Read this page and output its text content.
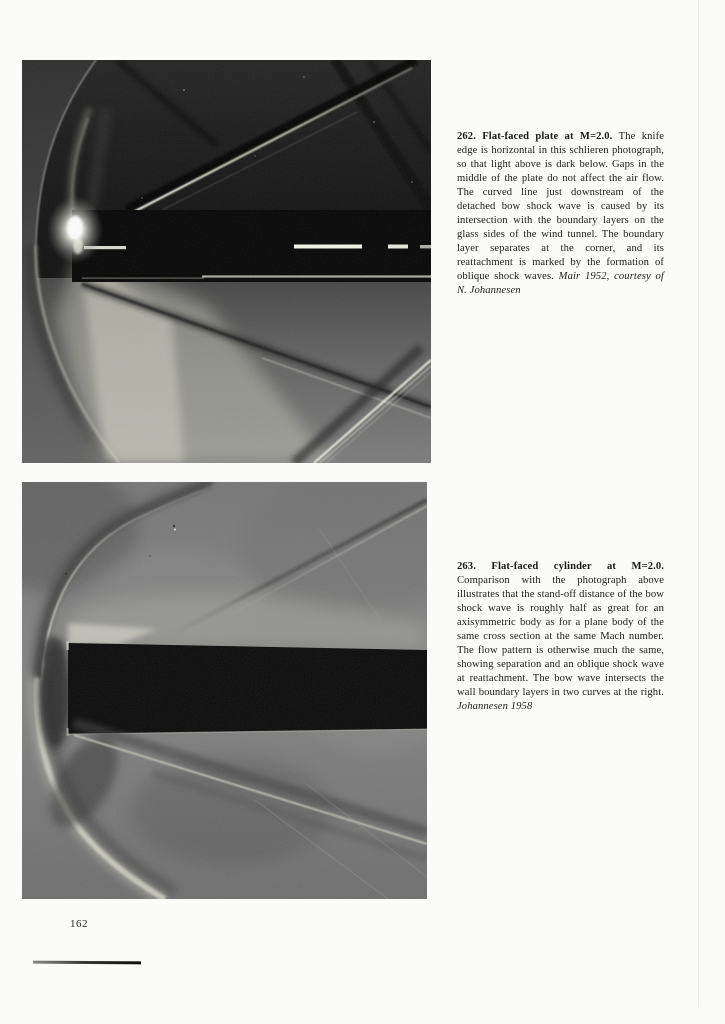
262. Flat-faced plate at M=2.0. The knife edge is horizontal in this schlieren photograph, so that light above is dark below. Gaps in the middle of the plate do not affect the air flow. The curved line just downstream of the detached bow shock wave is caused by its intersection with the boundary layers on the glass sides of the wind tunnel. The boundary layer separates at the corner, and its reattachment is marked by the formation of oblique shock waves. Mair 1952, courtesy of N. Johannesen

263. Flat-faced cylinder at M=2.0. Comparison with the photograph above illustrates that the stand-off distance of the bow shock wave is roughly half as great for an axisymmetric body as for a plane body of the same cross section at the same Mach number. The flow pattern is otherwise much the same, showing separation and an oblique shock wave at reattachment. The bow wave intersects the wall boundary layers in two curves at the right. Johannesen 1958

162
